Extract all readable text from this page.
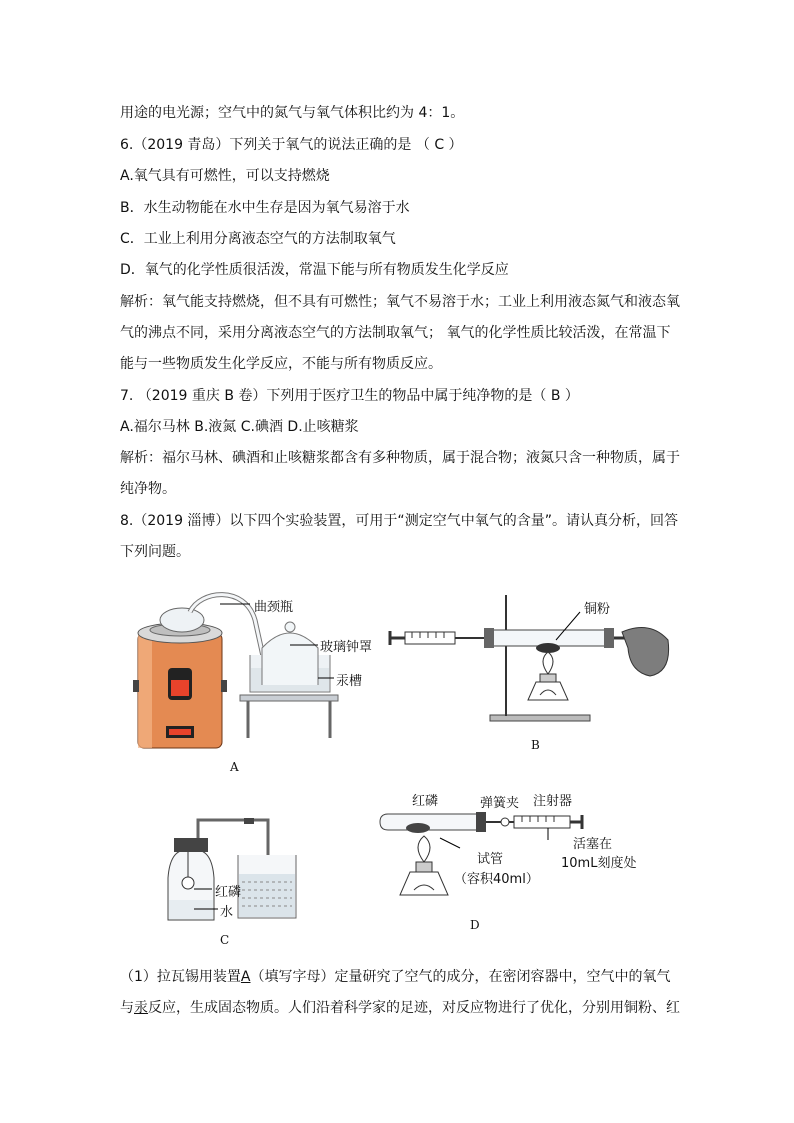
用途的电光源；空气中的氮气与氧气体积比约为 4：1。
6.（2019 青岛）下列关于氧气的说法正确的是 （ C ）
A.氧气具有可燃性，可以支持燃烧
B．水生动物能在水中生存是因为氧气易溶于水
C．工业上利用分离液态空气的方法制取氧气
D．氧气的化学性质很活泼，常温下能与所有物质发生化学反应
解析：氧气能支持燃烧，但不具有可燃性；氧气不易溶于水；工业上利用液态氮气和液态氧
气的沸点不同，采用分离液态空气的方法制取氧气； 氧气的化学性质比较活泼，在常温下
能与一些物质发生化学反应，不能与所有物质反应。
7. （2019 重庆 B 卷）下列用于医疗卫生的物品中属于纯净物的是（ B ）
A.福尔马林 B.液氮 C.碘酒 D.止咳糖浆
解析：福尔马林、碘酒和止咳糖浆都含有多种物质，属于混合物；液氮只含一种物质，属于
纯净物。
8.（2019 淄博）以下四个实验装置，可用于“测定空气中氧气的含量”。请认真分析，回答
下列问题。
曲颈瓶
玻璃钟罩
汞槽
A
铜粉
B
红磷
水
C
红磷	弹簧夹 注射器
试管
（容积40ml）
活塞在
10mL刻度处
D
（1）拉瓦锡用装置A（填写字母）定量研究了空气的成分，在密闭容器中，空气中的氧气
与汞反应，生成固态物质。人们沿着科学家的足迹，对反应物进行了优化，分别用铜粉、红
